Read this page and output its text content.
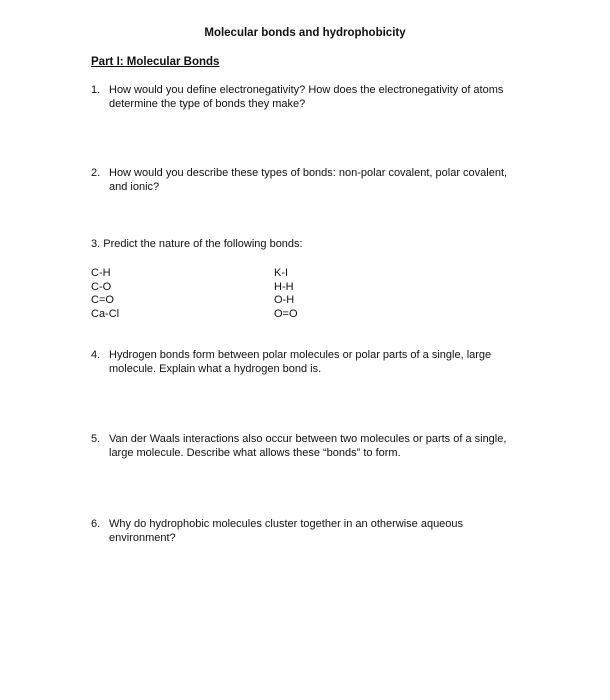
Molecular bonds and hydrophobicity
Part I: Molecular Bonds
1. How would you define electronegativity? How does the electronegativity of atoms determine the type of bonds they make?
2. How would you describe these types of bonds: non-polar covalent, polar covalent, and ionic?
3. Predict the nature of the following bonds:
C-H
C-O
C=O
Ca-Cl
K-I
H-H
O-H
O=O
4. Hydrogen bonds form between polar molecules or polar parts of a single, large molecule. Explain what a hydrogen bond is.
5. Van der Waals interactions also occur between two molecules or parts of a single, large molecule. Describe what allows these “bonds” to form.
6. Why do hydrophobic molecules cluster together in an otherwise aqueous environment?
